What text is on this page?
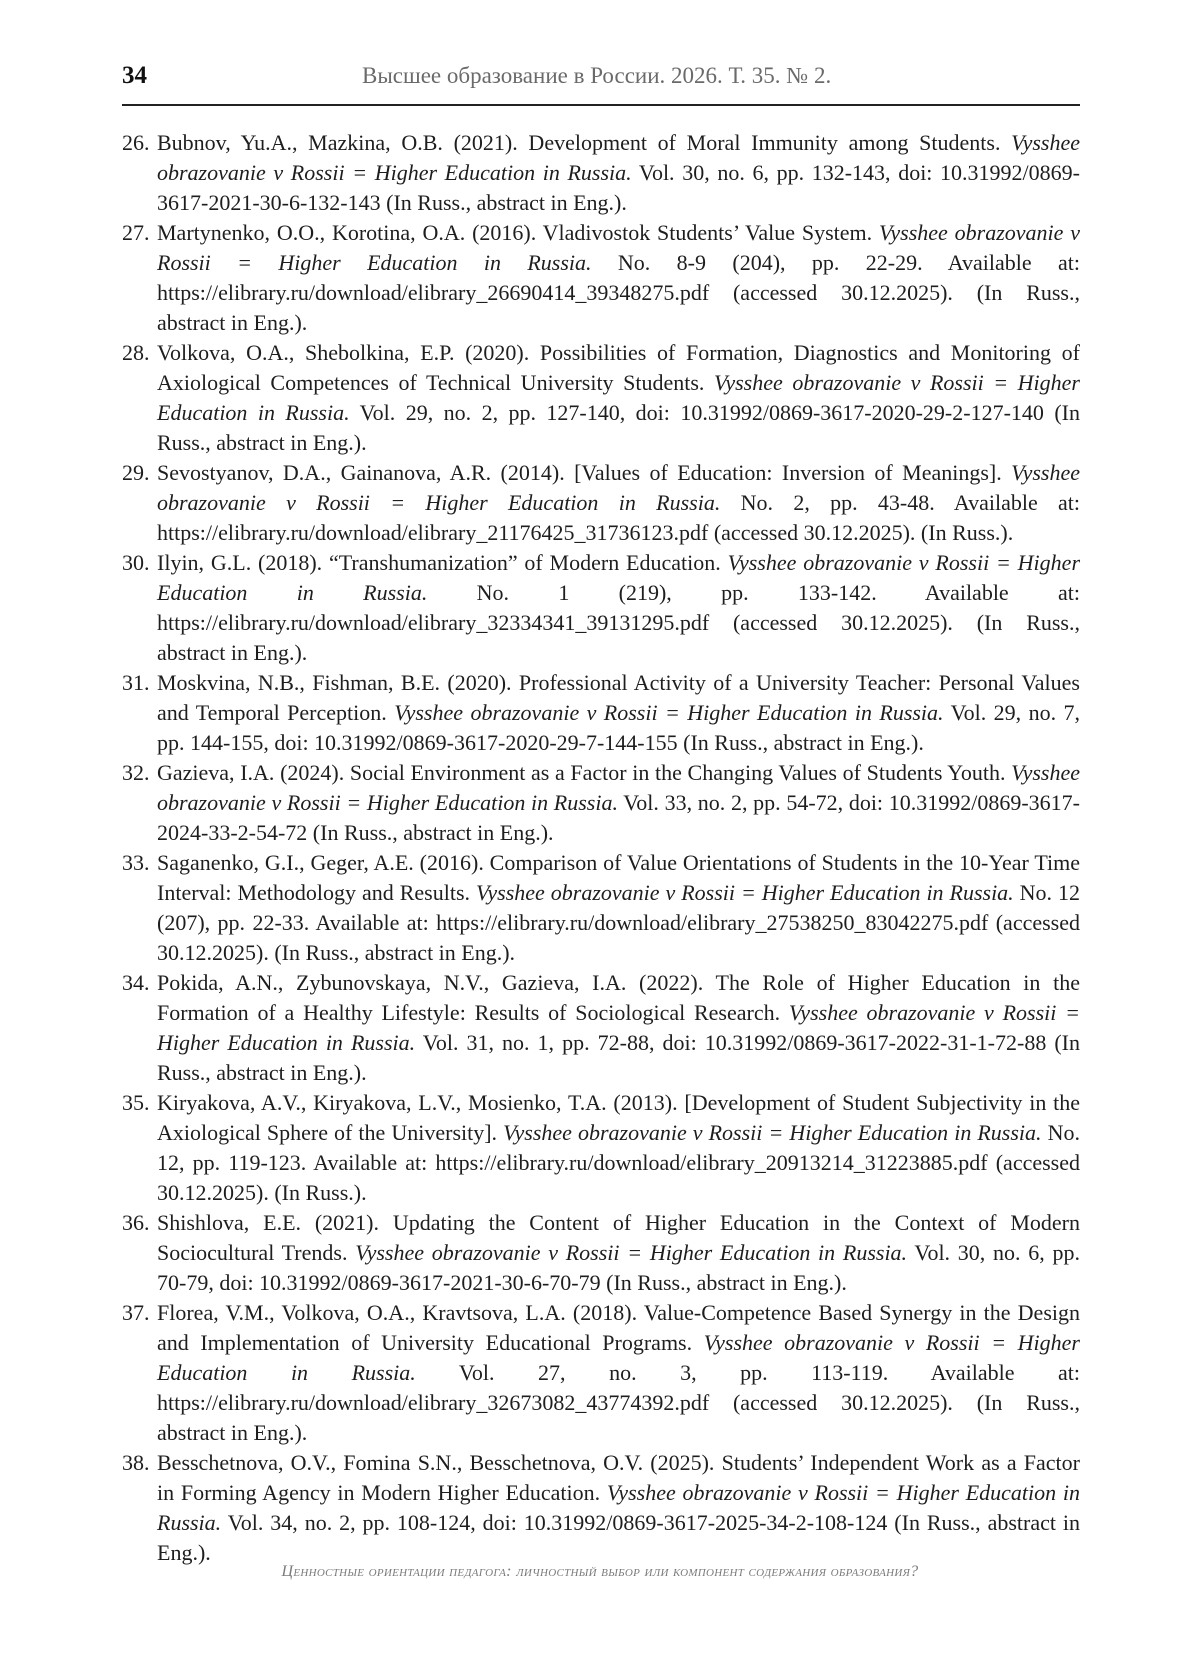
34	Высшее образование в России. 2026. Т. 35. № 2.
26. Bubnov, Yu.A., Mazkina, O.B. (2021). Development of Moral Immunity among Students. Vysshee obrazovanie v Rossii = Higher Education in Russia. Vol. 30, no. 6, pp. 132-143, doi: 10.31992/0869-3617-2021-30-6-132-143 (In Russ., abstract in Eng.).
27. Martynenko, O.O., Korotina, O.A. (2016). Vladivostok Students’ Value System. Vysshee obrazovanie v Rossii = Higher Education in Russia. No. 8-9 (204), pp. 22-29. Available at: https://elibrary.ru/download/elibrary_26690414_39348275.pdf (accessed 30.12.2025). (In Russ., abstract in Eng.).
28. Volkova, O.A., Shebolkina, E.P. (2020). Possibilities of Formation, Diagnostics and Monitoring of Axiological Competences of Technical University Students. Vysshee obrazovanie v Rossii = Higher Education in Russia. Vol. 29, no. 2, pp. 127-140, doi: 10.31992/0869-3617-2020-29-2-127-140 (In Russ., abstract in Eng.).
29. Sevostyanov, D.A., Gainanova, A.R. (2014). [Values of Education: Inversion of Meanings]. Vysshee obrazovanie v Rossii = Higher Education in Russia. No. 2, pp. 43-48. Available at: https://elibrary.ru/download/elibrary_21176425_31736123.pdf (accessed 30.12.2025). (In Russ.).
30. Ilyin, G.L. (2018). “Transhumanization” of Modern Education. Vysshee obrazovanie v Rossii = Higher Education in Russia. No. 1 (219), pp. 133-142. Available at: https://elibrary.ru/download/elibrary_32334341_39131295.pdf (accessed 30.12.2025). (In Russ., abstract in Eng.).
31. Moskvina, N.B., Fishman, B.E. (2020). Professional Activity of a University Teacher: Personal Values and Temporal Perception. Vysshee obrazovanie v Rossii = Higher Education in Russia. Vol. 29, no. 7, pp. 144-155, doi: 10.31992/0869-3617-2020-29-7-144-155 (In Russ., abstract in Eng.).
32. Gazieva, I.A. (2024). Social Environment as a Factor in the Changing Values of Students Youth. Vysshee obrazovanie v Rossii = Higher Education in Russia. Vol. 33, no. 2, pp. 54-72, doi: 10.31992/0869-3617-2024-33-2-54-72 (In Russ., abstract in Eng.).
33. Saganenko, G.I., Geger, A.E. (2016). Comparison of Value Orientations of Students in the 10-Year Time Interval: Methodology and Results. Vysshee obrazovanie v Rossii = Higher Education in Russia. No. 12 (207), pp. 22-33. Available at: https://elibrary.ru/download/elibrary_27538250_83042275.pdf (accessed 30.12.2025). (In Russ., abstract in Eng.).
34. Pokida, A.N., Zybunovskaya, N.V., Gazieva, I.A. (2022). The Role of Higher Education in the Formation of a Healthy Lifestyle: Results of Sociological Research. Vysshee obrazovanie v Rossii = Higher Education in Russia. Vol. 31, no. 1, pp. 72-88, doi: 10.31992/0869-3617-2022-31-1-72-88 (In Russ., abstract in Eng.).
35. Kiryakova, A.V., Kiryakova, L.V., Mosienko, T.A. (2013). [Development of Student Subjectivity in the Axiological Sphere of the University]. Vysshee obrazovanie v Rossii = Higher Education in Russia. No. 12, pp. 119-123. Available at: https://elibrary.ru/download/elibrary_20913214_31223885.pdf (accessed 30.12.2025). (In Russ.).
36. Shishlova, E.E. (2021). Updating the Content of Higher Education in the Context of Modern Sociocultural Trends. Vysshee obrazovanie v Rossii = Higher Education in Russia. Vol. 30, no. 6, pp. 70-79, doi: 10.31992/0869-3617-2021-30-6-70-79 (In Russ., abstract in Eng.).
37. Florea, V.M., Volkova, O.A., Kravtsova, L.A. (2018). Value-Competence Based Synergy in the Design and Implementation of University Educational Programs. Vysshee obrazovanie v Rossii = Higher Education in Russia. Vol. 27, no. 3, pp. 113-119. Available at: https://elibrary.ru/download/elibrary_32673082_43774392.pdf (accessed 30.12.2025). (In Russ., abstract in Eng.).
38. Besschetnova, O.V., Fomina S.N., Besschetnova, O.V. (2025). Students’ Independent Work as a Factor in Forming Agency in Modern Higher Education. Vysshee obrazovanie v Rossii = Higher Education in Russia. Vol. 34, no. 2, pp. 108-124, doi: 10.31992/0869-3617-2025-34-2-108-124 (In Russ., abstract in Eng.).
Ценностные ориентации педагога: личностный выбор или компонент содержания образования?
